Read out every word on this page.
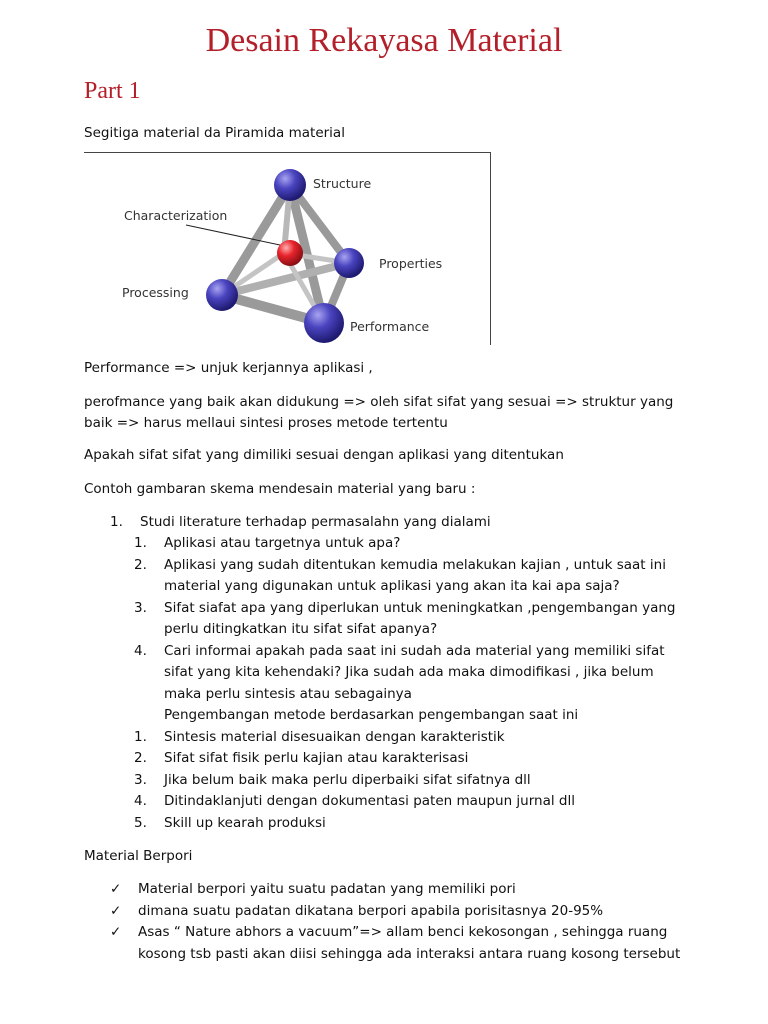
Desain Rekayasa Material
Part 1
Segitiga material da Piramida material
Structure
Characterization
Properties
Processing
Performance
Performance => unjuk kerjannya aplikasi ,
perofmance yang baik akan didukung => oleh sifat sifat yang sesuai => struktur yang
baik => harus mellaui sintesi proses metode tertentu
Apakah sifat sifat yang dimiliki sesuai dengan aplikasi yang ditentukan
Contoh gambaran skema mendesain material yang baru :
1. Studi literature terhadap permasalahn yang dialami
1.	Aplikasi atau targetnya untuk apa?
2.	Aplikasi yang sudah ditentukan kemudia melakukan kajian , untuk saat ini
material yang digunakan untuk aplikasi yang akan ita kai apa saja?
3.	Sifat siafat apa yang diperlukan untuk meningkatkan ,pengembangan yang
perlu ditingkatkan itu sifat sifat apanya?
4.	Cari informai apakah pada saat ini sudah ada material yang memiliki sifat
sifat yang kita kehendaki? Jika sudah ada maka dimodifikasi , jika belum
maka perlu sintesis atau sebagainya
Pengembangan metode berdasarkan pengembangan saat ini
1.	Sintesis material disesuaikan dengan karakteristik
2.	Sifat sifat fisik perlu kajian atau karakterisasi
3.	Jika belum baik maka perlu diperbaiki sifat sifatnya dll
4.	Ditindaklanjuti dengan dokumentasi paten maupun jurnal dll
5.	Skill up kearah produksi
Material Berpori
✓ Material berpori yaitu suatu padatan yang memiliki pori
✓ dimana suatu padatan dikatana berpori apabila porisitasnya 20-95%
✓ Asas “ Nature abhors a vacuum”=> allam benci kekosongan , sehingga ruang
kosong tsb pasti akan diisi sehingga ada interaksi antara ruang kosong tersebut
